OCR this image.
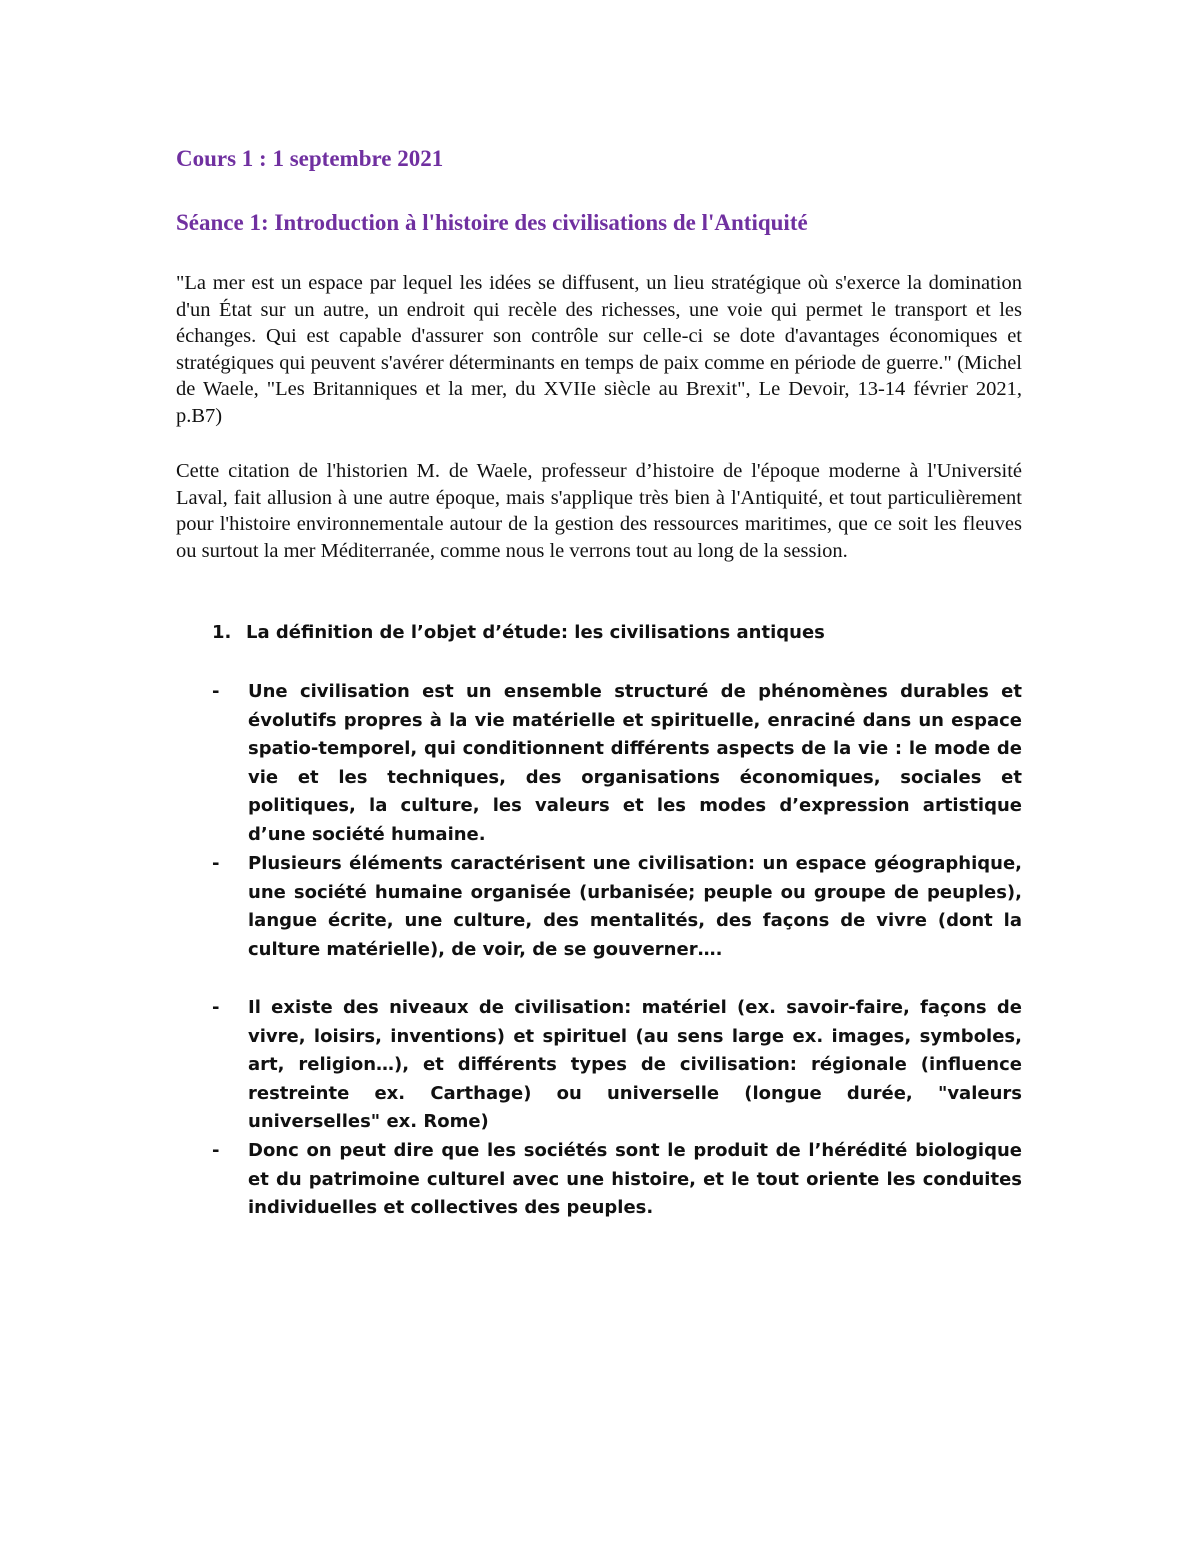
Cours 1 : 1 septembre 2021
Séance 1: Introduction à l'histoire des civilisations de l'Antiquité

"La mer est un espace par lequel les idées se diffusent, un lieu stratégique où s'exerce la domination d'un État sur un autre, un endroit qui recèle des richesses, une voie qui permet le transport et les échanges. Qui est capable d'assurer son contrôle sur celle-ci se dote d'avantages économiques et stratégiques qui peuvent s'avérer déterminants en temps de paix comme en période de guerre." (Michel de Waele, "Les Britanniques et la mer, du XVIIe siècle au Brexit", Le Devoir, 13-14 février 2021, p.B7)

Cette citation de l'historien M. de Waele, professeur d’histoire de l'époque moderne à l'Université Laval, fait allusion à une autre époque, mais s'applique très bien à l'Antiquité, et tout particulièrement pour l'histoire environnementale autour de la gestion des ressources maritimes, que ce soit les fleuves ou surtout la mer Méditerranée, comme nous le verrons tout au long de la session.

1. La définition de l’objet d’étude: les civilisations antiques
- Une civilisation est un ensemble structuré de phénomènes durables et évolutifs propres à la vie matérielle et spirituelle, enraciné dans un espace spatio-temporel, qui conditionnent différents aspects de la vie : le mode de vie et les techniques, des organisations économiques, sociales et politiques, la culture, les valeurs et les modes d’expression artistique d’une société humaine.

- Plusieurs éléments caractérisent une civilisation: un espace géographique, une société humaine organisée (urbanisée; peuple ou groupe de peuples), langue écrite, une culture, des mentalités, des façons de vivre (dont la culture matérielle), de voir, de se gouverner….

- Il existe des niveaux de civilisation: matériel (ex. savoir-faire, façons de vivre, loisirs, inventions) et spirituel (au sens large ex. images, symboles, art, religion…), et différents types de civilisation: régionale (influence restreinte ex. Carthage) ou universelle (longue durée, "valeurs universelles" ex. Rome)

- Donc on peut dire que les sociétés sont le produit de l’hérédité biologique et du patrimoine culturel avec une histoire, et le tout oriente les conduites individuelles et collectives des peuples.
